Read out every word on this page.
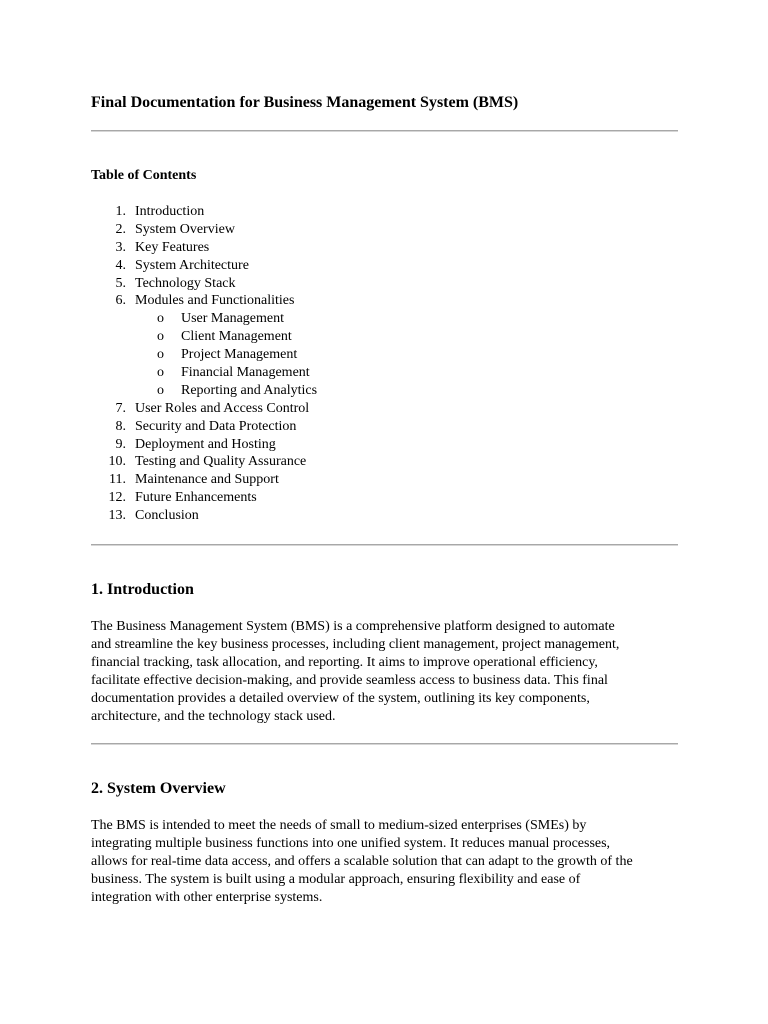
Final Documentation for Business Management System (BMS)
Table of Contents
1. Introduction
2. System Overview
3. Key Features
4. System Architecture
5. Technology Stack
6. Modules and Functionalities
o User Management
o Client Management
o Project Management
o Financial Management
o Reporting and Analytics
7. User Roles and Access Control
8. Security and Data Protection
9. Deployment and Hosting
10. Testing and Quality Assurance
11. Maintenance and Support
12. Future Enhancements
13. Conclusion
1. Introduction
The Business Management System (BMS) is a comprehensive platform designed to automate
and streamline the key business processes, including client management, project management,
financial tracking, task allocation, and reporting. It aims to improve operational efficiency,
facilitate effective decision-making, and provide seamless access to business data. This final
documentation provides a detailed overview of the system, outlining its key components,
architecture, and the technology stack used.
2. System Overview
The BMS is intended to meet the needs of small to medium-sized enterprises (SMEs) by
integrating multiple business functions into one unified system. It reduces manual processes,
allows for real-time data access, and offers a scalable solution that can adapt to the growth of the
business. The system is built using a modular approach, ensuring flexibility and ease of
integration with other enterprise systems.
